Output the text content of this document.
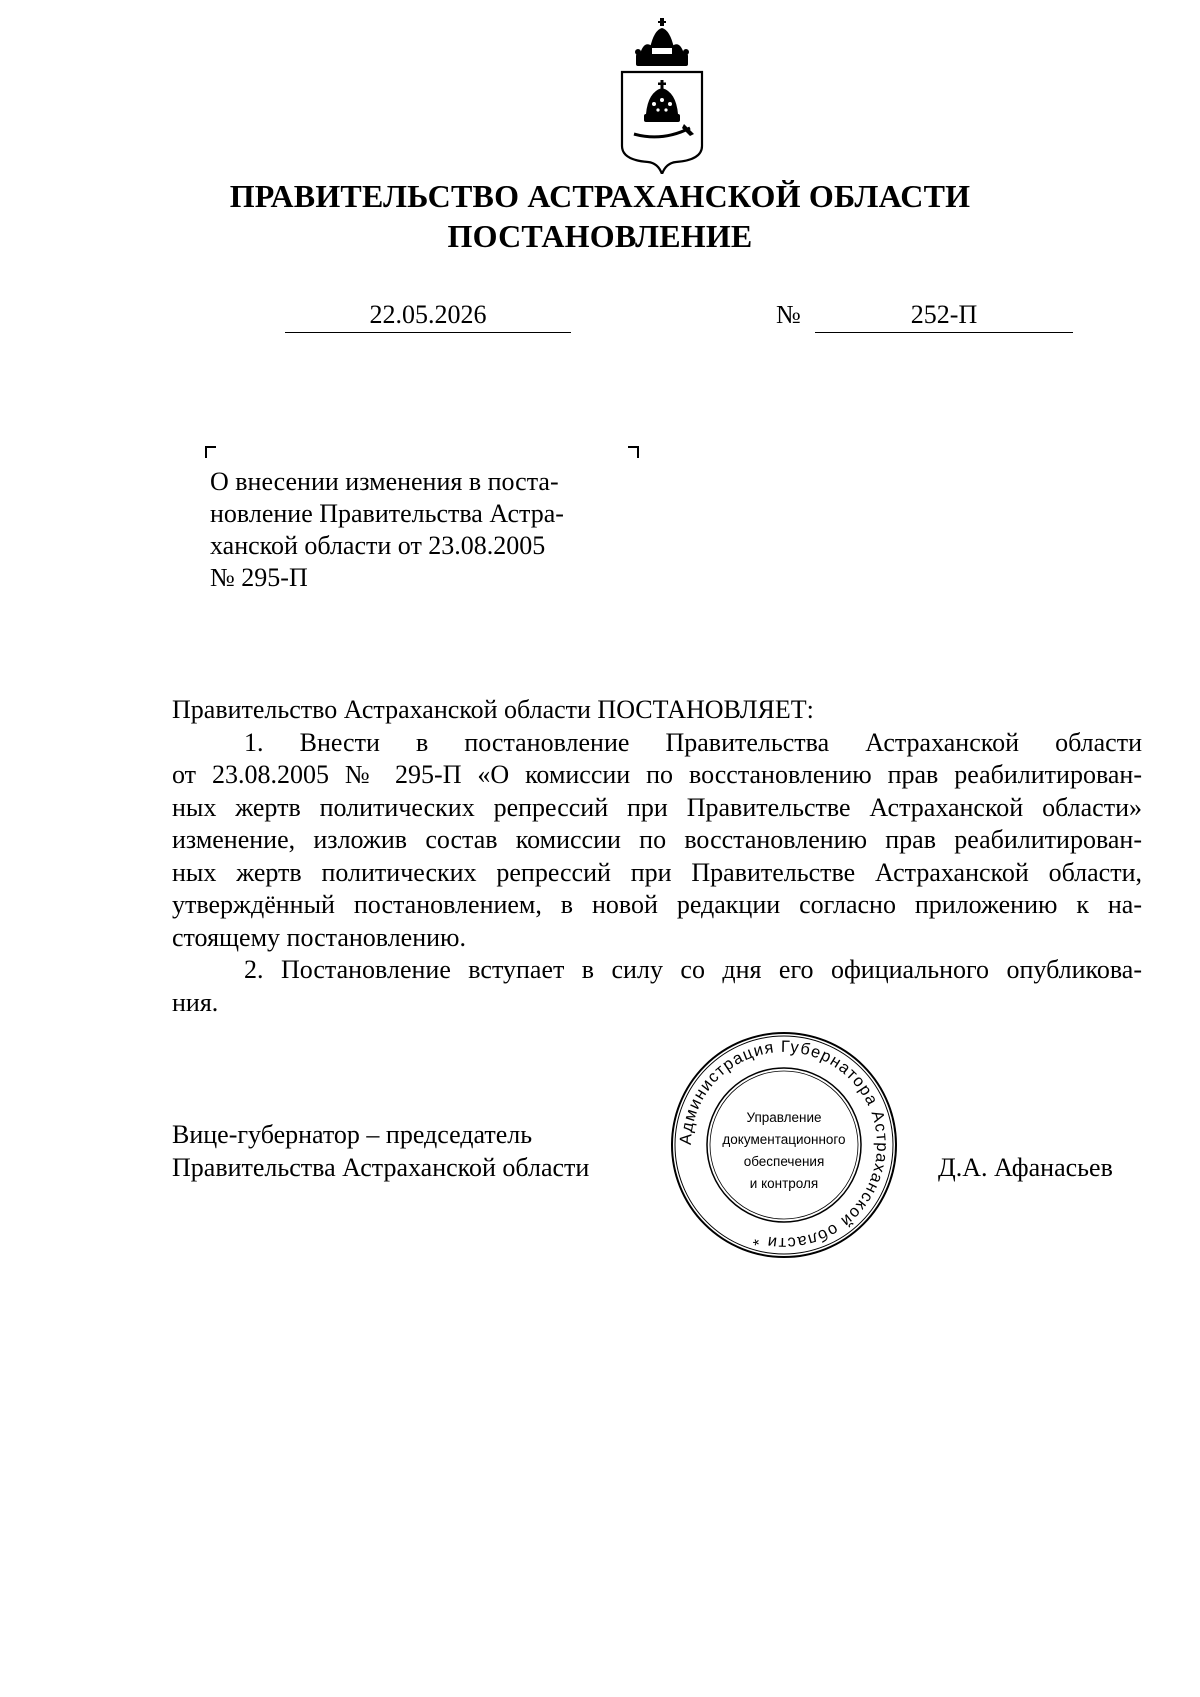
ПРАВИТЕЛЬСТВО АСТРАХАНСКОЙ ОБЛАСТИ
ПОСТАНОВЛЕНИЕ
22.05.2026	№	252-П
О внесении изменения в поста-
новление Правительства Астра-
ханской области от 23.08.2005
№ 295-П
Правительство Астраханской области ПОСТАНОВЛЯЕТ:
1. Внести в постановление Правительства Астраханской области
от 23.08.2005 № 295-П «О комиссии по восстановлению прав реабилитирован-
ных жертв политических репрессий при Правительстве Астраханской области»
изменение, изложив состав комиссии по восстановлению прав реабилитирован-
ных жертв политических репрессий при Правительстве Астраханской области,
утверждённый постановлением, в новой редакции согласно приложению к на-
стоящему постановлению.
2. Постановление вступает в силу со дня его официального опубликова-
ния.
Вице-губернатор – председатель
Правительства Астраханской области	Д.А. Афанасьев
Администрация Губернатора Астраханской области *
Управление
документационного
обеспечения
и контроля
